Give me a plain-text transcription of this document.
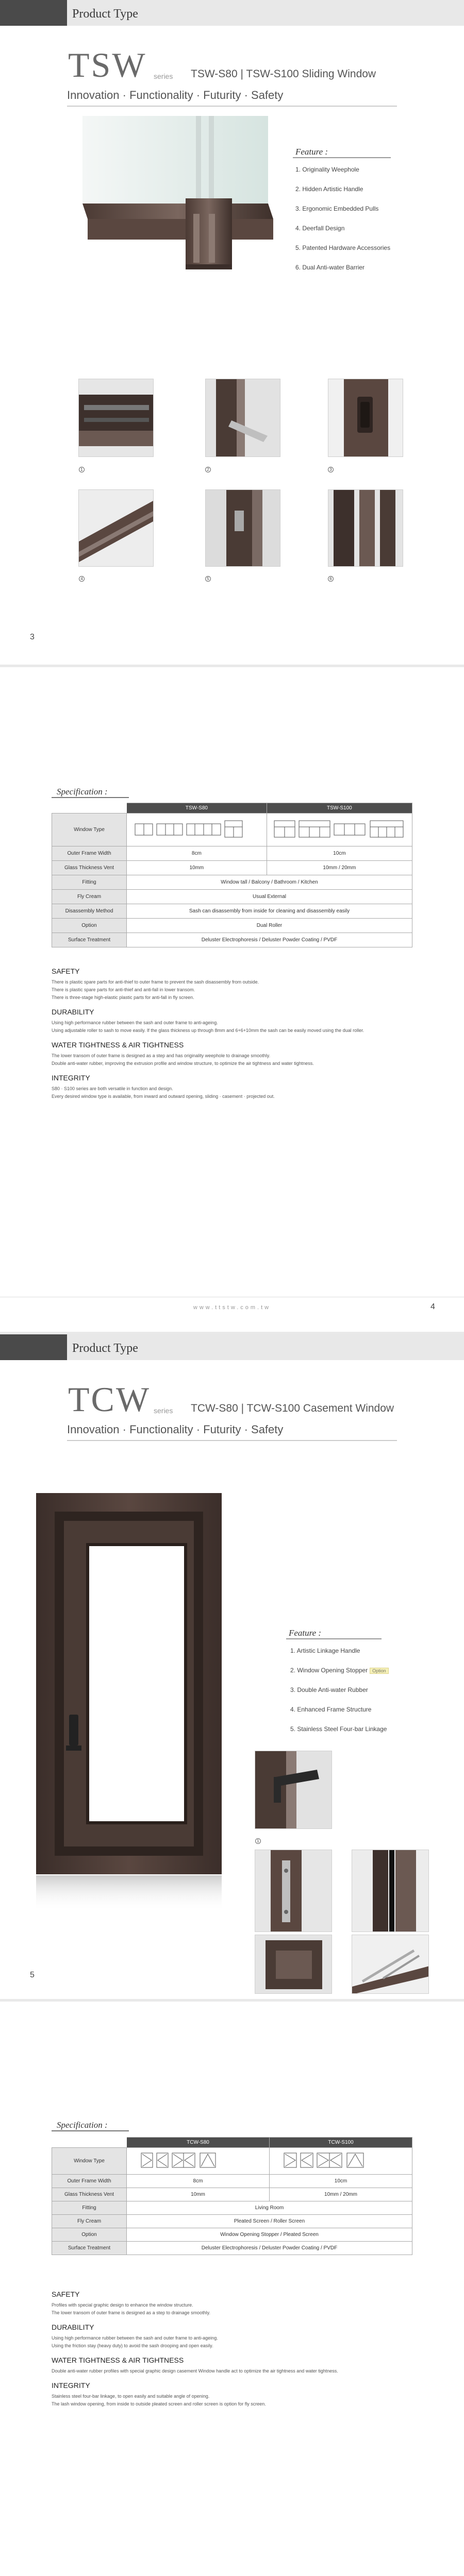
Product Type
TSW series TSW-S80 | TSW-S100 Sliding Window
Innovation · Functionality · Futurity · Safety
Feature :
1. Originality Weephole
2. Hidden Artistic Handle
3. Ergonomic Embedded Pulls
4. Deerfall Design
5. Patented Hardware Accessories
6. Dual Anti-water Barrier
1	2	3
4	5	6
3
Specification :
	TSW-S80	TSW-S100
Window Type		
Outer Frame Width	8cm	10cm
Glass Thickness Vent	10mm	10mm / 20mm
Fitting	Window tall / Balcony / Bathroom / Kitchen	
Fly Cream	Usual External	
Disassembly Method	Sash can disassembly from inside for cleaning and disassembly easily	
Option	Dual Roller	
Surface Treatment	Deluster Electrophoresis / Deluster Powder Coating / PVDF	
SAFETY
There is plastic spare parts for anti-thief to outer frame to prevent the sash disassembly from outside.
There is plastic spare parts for anti-thief and anti-fall in lower transom.
There is three-stage high-elastic plastic parts for anti-fall in fly screen.
DURABILITY
Using high performance rubber between the sash and outer frame to anti-ageing.
Using adjustable roller to sash to move easily. If the glass thickness up through 8mm and 6+6+10mm the sash can be easily moved using the dual roller.
WATER TIGHTNESS & AIR TIGHTNESS
The lower transom of outer frame is designed as a step and has originality weephole to drainage smoothly.
Double anti-water rubber, improving the extrusion profile and window structure, to optimize the air tightness and water tightness.
INTEGRITY
S80 · S100 series are both versatile in function and design.
Every desired window type is available, from inward and outward opening, sliding · casement · projected out.
www.ttstw.com.tw	4
Product Type
TCW series TCW-S80 | TCW-S100 Casement Window
Innovation · Functionality · Futurity · Safety
Feature :
1. Artistic Linkage Handle
2. Window Opening Stopper Option
3. Double Anti-water Rubber
4. Enhanced Frame Structure
5. Stainless Steel Four-bar Linkage
1
5
Specification :
	TCW-S80	TCW-S100
Window Type		
Outer Frame Width	8cm	10cm
Glass Thickness Vent	10mm	10mm / 20mm
Fitting	Living Room	
Fly Cream	Pleated Screen / Roller Screen	
Option	Window Opening Stopper / Pleated Screen	
Surface Treatment	Deluster Electrophoresis / Deluster Powder Coating / PVDF	
SAFETY
Profiles with special graphic design to enhance the window structure.
The lower transom of outer frame is designed as a step to drainage smoothly.
DURABILITY
Using high performance rubber between the sash and outer frame to anti-ageing.
Using the friction stay (heavy duty) to avoid the sash drooping and open easily.
WATER TIGHTNESS & AIR TIGHTNESS
Double anti-water rubber profiles with special graphic design casement Window handle act to optimize the air tightness and water tightness.
INTEGRITY
Stainless steel four-bar linkage, to open easily and suitable angle of opening.
The lash window opening, from inside to outside pleated screen and roller screen is option for fly screen.
